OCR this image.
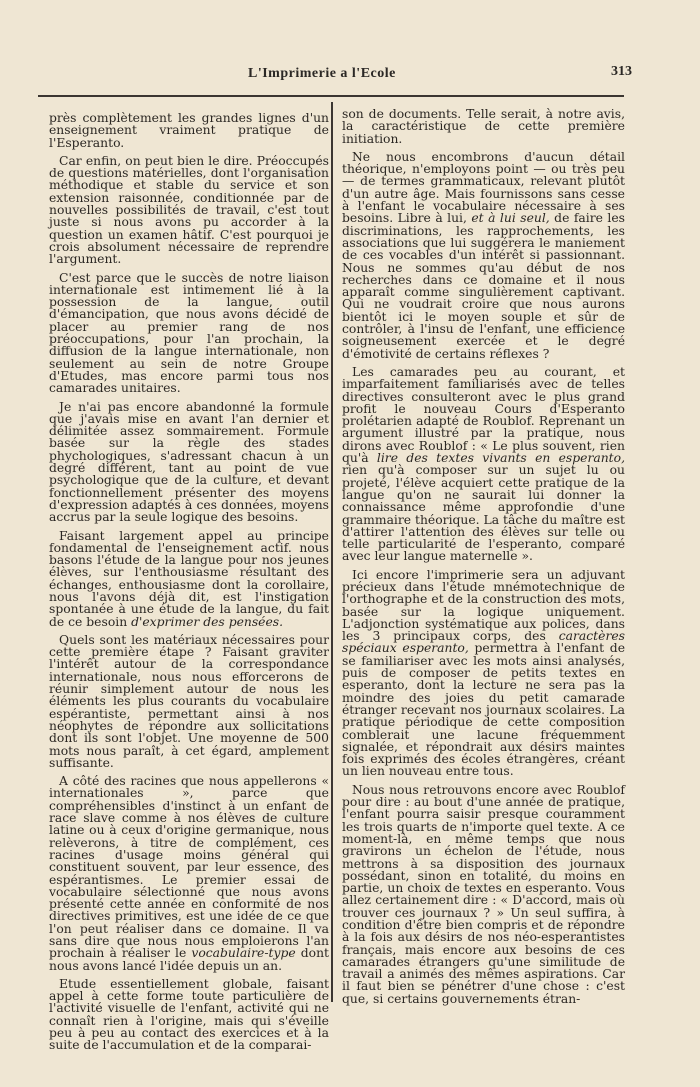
L'Imprimerie a l'Ecole	313

près complètement les grandes lignes d'un enseignement vraiment pratique de l'Esperanto.

Car enfin, on peut bien le dire. Préoccupés de questions matérielles, dont l'organisation méthodique et stable du service et son extension raisonnée, conditionnée par de nouvelles possibilités de travail, c'est tout juste si nous avons pu accorder à la question un examen hâtif. C'est pourquoi je crois absolument nécessaire de reprendre l'argument.

C'est parce que le succès de notre liaison internationale est intimement lié à la possession de la langue, outil d'émancipation, que nous avons décidé de placer au premier rang de nos préoccupations, pour l'an prochain, la diffusion de la langue internationale, non seulement au sein de notre Groupe d'Etudes, mas encore parmi tous nos camarades unitaires.

Je n'ai pas encore abandonné la formule que j'avais mise en avant l'an dernier et délimitée assez sommairement. Formule basée sur la règle des stades phychologiques, s'adressant chacun à un degré différent, tant au point de vue psychologique que de la culture, et devant fonctionnellement présenter des moyens d'expression adaptés à ces données, moyens accrus par la seule logique des besoins.

Faisant largement appel au principe fondamental de l'enseignement actif. nous basons l'étude de la langue pour nos jeunes élèves, sur l'enthousiasme résultant des échanges, enthousiasme dont la corollaire, nous l'avons déjà dit, est l'instigation spontanée à une étude de la langue, du fait de ce besoin d'exprimer des pensées.

Quels sont les matériaux nécessaires pour cette première étape ? Faisant graviter l'intérêt autour de la correspondance internationale, nous nous efforcerons de réunir simplement autour de nous les éléments les plus courants du vocabulaire espérantiste, permettant ainsi à nos néophytes de répondre aux sollicitations dont ils sont l'objet. Une moyenne de 500 mots nous paraît, à cet égard, amplement suffisante.

A côté des racines que nous appellerons « internationales », parce que compréhensibles d'instinct à un enfant de race slave comme à nos élèves de culture latine ou à ceux d'origine germanique, nous relèverons, à titre de complément, ces racines d'usage moins général qui constituent souvent, par leur essence, des espérantismes. Le premier essai de vocabulaire sélectionné que nous avons présenté cette année en conformité de nos directives primitives, est une idée de ce que l'on peut réaliser dans ce domaine. Il va sans dire que nous nous emploierons l'an prochain à réaliser le vocabulaire-type dont nous avons lancé l'idée depuis un an.

Etude essentiellement globale, faisant appel à cette forme toute particulière de l'activité visuelle de l'enfant, activité qui ne connaît rien à l'origine, mais qui s'éveille peu à peu au contact des exercices et à la suite de l'accumulation et de la comparai-

son de documents. Telle serait, à notre avis, la caractéristique de cette première initiation.

Ne nous encombrons d'aucun détail théorique, n'employons point — ou très peu — de termes grammaticaux, relevant plutôt d'un autre âge. Mais fournissons sans cesse à l'enfant le vocabulaire nécessaire à ses besoins. Libre à lui, et à lui seul, de faire les discriminations, les rapprochements, les associations que lui suggérera le maniement de ces vocables d'un intérêt si passionnant. Nous ne sommes qu'au début de nos recherches dans ce domaine et il nous apparaît comme singulièrement captivant. Qui ne voudrait croire que nous aurons bientôt ici le moyen souple et sûr de contrôler, à l'insu de l'enfant, une efficience soigneusement exercée et le degré d'émotivité de certains réflexes ?

Les camarades peu au courant, et imparfaitement familiarisés avec de telles directives consulteront avec le plus grand profit le nouveau Cours d'Esperanto prolétarien adapté de Roublof. Reprenant un argument illustré par la pratique, nous dirons avec Roublof : « Le plus souvent, rien qu'à lire des textes vivants en esperanto, rien qu'à composer sur un sujet lu ou projeté, l'élève acquiert cette pratique de la langue qu'on ne saurait lui donner la connaissance même approfondie d'une grammaire théorique. La tâche du maître est d'attirer l'attention des élèves sur telle ou telle particularité de l'esperanto, comparé avec leur langue maternelle ».

Ici encore l'imprimerie sera un adjuvant précieux dans l'étude mnémotechnique de l'orthographe et de la construction des mots, basée sur la logique uniquement. L'adjonction systématique aux polices, dans les 3 principaux corps, des caractères spéciaux esperanto, permettra à l'enfant de se familiariser avec les mots ainsi analysés, puis de composer de petits textes en esperanto, dont la lecture ne sera pas la moindre des joies du petit camarade étranger recevant nos journaux scolaires. La pratique périodique de cette composition comblerait une lacune fréquemment signalée, et répondrait aux désirs maintes fois exprimés des écoles étrangères, créant un lien nouveau entre tous.

Nous nous retrouvons encore avec Roublof pour dire : au bout d'une année de pratique, l'enfant pourra saisir presque couramment les trois quarts de n'importe quel texte. A ce moment-là, en même temps que nous gravirons un échelon de l'étude, nous mettrons à sa disposition des journaux possédant, sinon en totalité, du moins en partie, un choix de textes en esperanto. Vous allez certainement dire : « D'accord, mais où trouver ces journaux ? » Un seul suffira, à condition d'être bien compris et de répondre à la fois aux désirs de nos néo-esperantistes français, mais encore aux besoins de ces camarades étrangers qu'une similitude de travail a animés des mêmes aspirations. Car il faut bien se pénétrer d'une chose : c'est que, si certains gouvernements étran-
